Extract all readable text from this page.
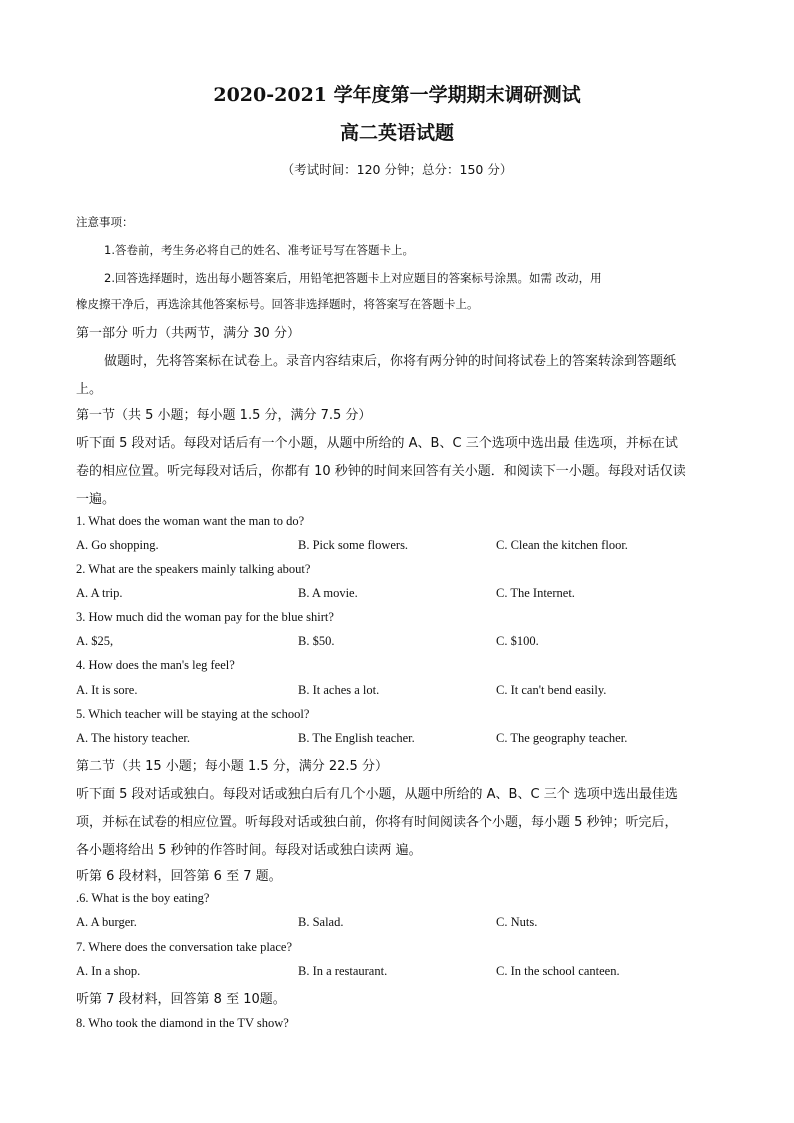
2020-2021 学年度第一学期期末调研测试
高二英语试题
（考试时间：120 分钟；总分：150 分）
注意事项：
1.答卷前，考生务必将自己的姓名、准考证号写在答题卡上。
2.回答选择题时，选出每小题答案后，用铅笔把答题卡上对应题目的答案标号涂黑。如需 改动，用
橡皮擦干净后，再选涂其他答案标号。回答非选择题时，将答案写在答题卡上。
第一部分 听力（共两节，满分 30 分）
做题时，先将答案标在试卷上。录音内容结束后，你将有两分钟的时间将试卷上的答案转涂到答题纸
上。
第一节（共 5 小题；每小题 1.5 分，满分 7.5 分）
听下面 5 段对话。每段对话后有一个小题，从题中所给的 A、B、C 三个选项中选出最 佳选项，并标在试
卷的相应位置。听完每段对话后，你都有 10 秒钟的时间来回答有关小题．和阅读下一小题。每段对话仅读
一遍。
1. What does the woman want the man to do?
A. Go shopping.	B. Pick some flowers.	C. Clean the kitchen floor.
2. What are the speakers mainly talking about?
A. A trip.	B. A movie.	C. The Internet.
3. How much did the woman pay for the blue shirt?
A. $25,	B. $50.	C. $100.
4. How does the man's leg feel?
A. It is sore.	B. It aches a lot.	C. It can't bend easily.
5. Which teacher will be staying at the school?
A. The history teacher.	B. The English teacher.	C. The geography teacher.
第二节（共 15 小题；每小题 1.5 分，满分 22.5 分）
听下面 5 段对话或独白。每段对话或独白后有几个小题，从题中所给的 A、B、C 三个 选项中选出最佳选
项，并标在试卷的相应位置。听每段对话或独白前，你将有时间阅读各个小题，每小题 5 秒钟；听完后，
各小题将给出 5 秒钟的作答时间。每段对话或独白读两 遍。
听第 6 段材料，回答第 6 至 7 题。
.6. What is the boy eating?
A. A burger.	B. Salad.	C. Nuts.
7. Where does the conversation take place?
A. In a shop.	B. In a restaurant.	C. In the school canteen.
听第 7 段材料，回答第 8 至 10题。
8. Who took the diamond in the TV show?
